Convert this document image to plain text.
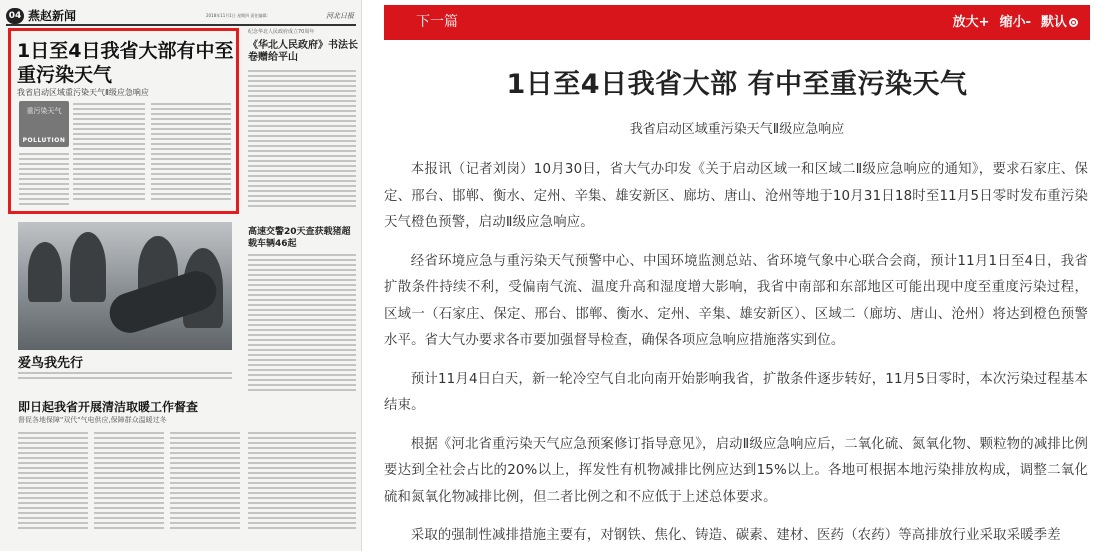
04 燕赵新闻	2018年11月1日 星期四 责任编辑:	河北日报
1日至4日我省大部有中至重污染天气
我省启动区域重污染天气Ⅱ级应急响应
重污染天气
POLLUTION
纪念华北人民政府成立70周年
《华北人民政府》书法长卷赠给平山
高速交警20天查获载猪超载车辆46起
爱鸟我先行
即日起我省开展清洁取暖工作督查
督促各地保障"双代"气电供应,保障群众温暖过冬
下一篇	放大+ 缩小- 默认
1日至4日我省大部 有中至重污染天气
我省启动区域重污染天气Ⅱ级应急响应

本报讯（记者刘岗）10月30日，省大气办印发《关于启动区域一和区域二Ⅱ级应急响应的通知》，要求石家庄、保定、邢台、邯郸、衡水、定州、辛集、雄安新区、廊坊、唐山、沧州等地于10月31日18时至11月5日零时发布重污染天气橙色预警，启动Ⅱ级应急响应。

经省环境应急与重污染天气预警中心、中国环境监测总站、省环境气象中心联合会商，预计11月1日至4日，我省扩散条件持续不利，受偏南气流、温度升高和湿度增大影响，我省中南部和东部地区可能出现中度至重度污染过程，区域一（石家庄、保定、邢台、邯郸、衡水、定州、辛集、雄安新区）、区域二（廊坊、唐山、沧州）将达到橙色预警水平。省大气办要求各市要加强督导检查，确保各项应急响应措施落实到位。

预计11月4日白天，新一轮冷空气自北向南开始影响我省，扩散条件逐步转好，11月5日零时，本次污染过程基本结束。

根据《河北省重污染天气应急预案修订指导意见》，启动Ⅱ级应急响应后，二氧化硫、氮氧化物、颗粒物的减排比例要达到全社会占比的20%以上，挥发性有机物减排比例应达到15%以上。各地可根据本地污染排放构成，调整二氧化硫和氮氧化物减排比例，但二者比例之和不应低于上述总体要求。

采取的强制性减排措施主要有，对钢铁、焦化、铸造、碳素、建材、医药（农药）等高排放行业采取采暖季差
